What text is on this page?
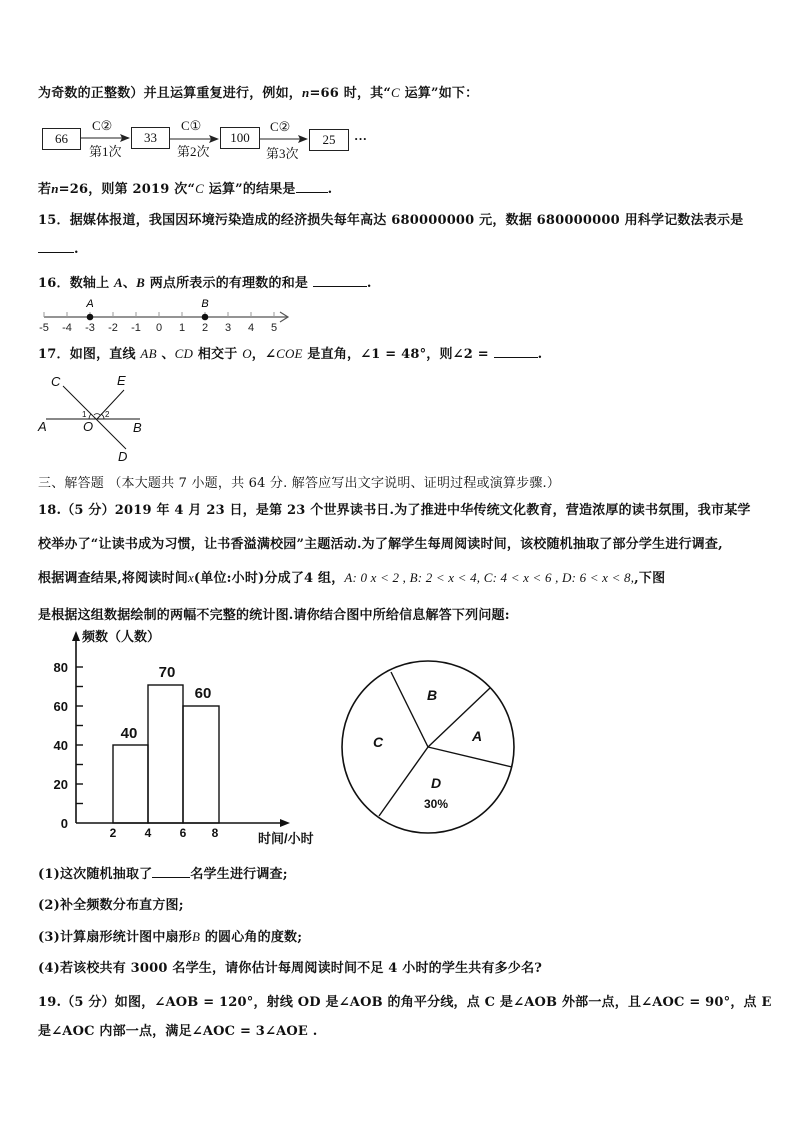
为奇数的正整数）并且运算重复进行，例如，n=66 时，其“C 运算”如下：
66	33	100	25
C②	C①	C②
第1次	第2次	第3次
···
若n=26，则第 2019 次“C 运算”的结果是 .
15．据媒体报道，我国因环境污染造成的经济损失每年高达 680000000 元，数据 680000000 用科学记数法表示是
.
16．数轴上 A、B 两点所表示的有理数的和是	.
A	B
-5 -4 -3 -2 -1 0 1 2 3 4 5
17．如图，直线 AB 、CD 相交于 O，∠COE 是直角，∠1 = 48°，则∠2 =	.
C	E
A	O	B
D
1 2
三、解答题 （本大题共 7 小题，共 64 分. 解答应写出文字说明、证明过程或演算步骤.）
18.（5 分）2019 年 4 月 23 日，是第 23 个世界读书日.为了推进中华传统文化教育，营造浓厚的读书氛围，我市某学
校举办了“让读书成为习惯，让书香溢满校园”主题活动.为了解学生每周阅读时间，该校随机抽取了部分学生进行调查,
根据调查结果,将阅读时间x(单位:小时)分成了4 组，A: 0 x < 2 , B: 2 < x < 4, C: 4 < x < 6 , D: 6 < x < 8,,下图
是根据这组数据绘制的两幅不完整的统计图.请你结合图中所给信息解答下列问题:
0
20
40
60
80
频数（人数）
40
70
60
2 4 6 8	时间/小时
B
A
C
D
30%
(1)这次随机抽取了	名学生进行调查;
(2)补全频数分布直方图;
(3)计算扇形统计图中扇形B 的圆心角的度数;
(4)若该校共有 3000 名学生，请你估计每周阅读时间不足 4 小时的学生共有多少名?
19.（5 分）如图，∠AOB = 120°，射线 OD 是∠AOB 的角平分线，点 C 是∠AOB 外部一点，且∠AOC = 90°，点 E
是∠AOC 内部一点，满足∠AOC = 3∠AOE .
